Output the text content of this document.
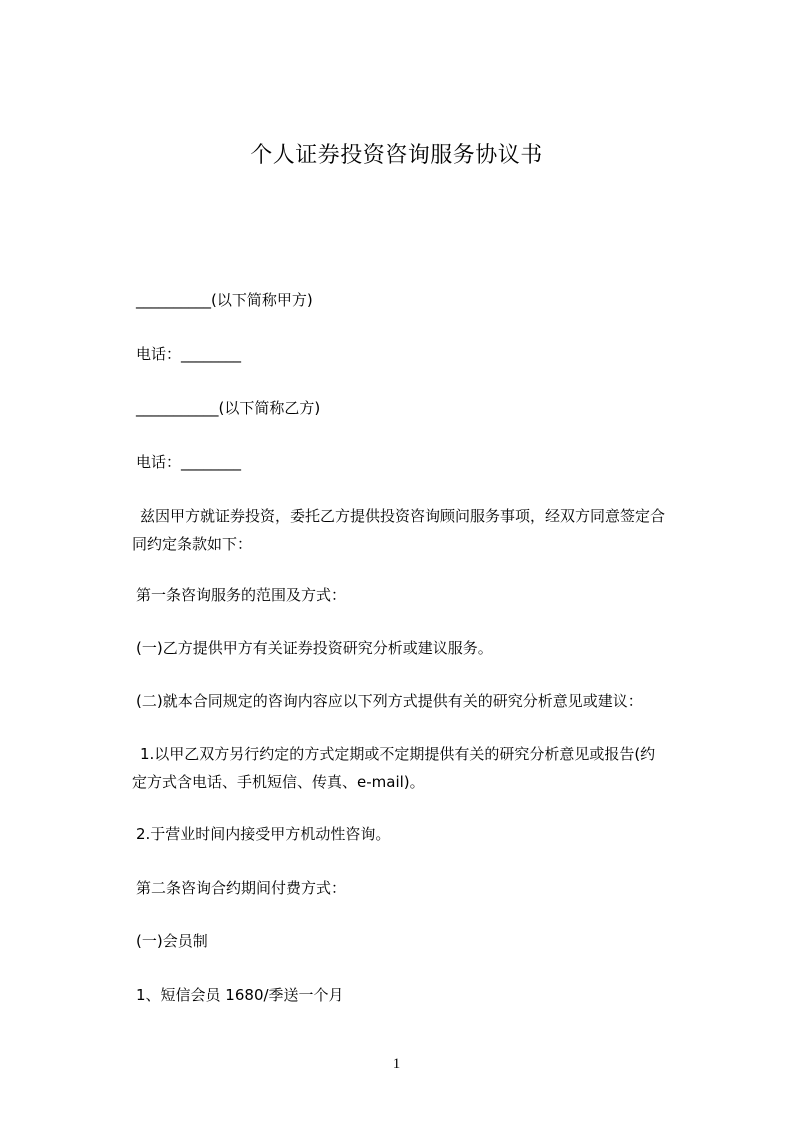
个人证券投资咨询服务协议书
__________(以下简称甲方)
电话：________
___________(以下简称乙方)
电话：________
兹因甲方就证券投资，委托乙方提供投资咨询顾问服务事项，经双方同意签定合
同约定条款如下：
第一条咨询服务的范围及方式：
(一)乙方提供甲方有关证券投资研究分析或建议服务。
(二)就本合同规定的咨询内容应以下列方式提供有关的研究分析意见或建议：
1.以甲乙双方另行约定的方式定期或不定期提供有关的研究分析意见或报告(约
定方式含电话、手机短信、传真、e-mail)。
2.于营业时间内接受甲方机动性咨询。
第二条咨询合约期间付费方式：
(一)会员制
1、短信会员 1680/季送一个月
1
